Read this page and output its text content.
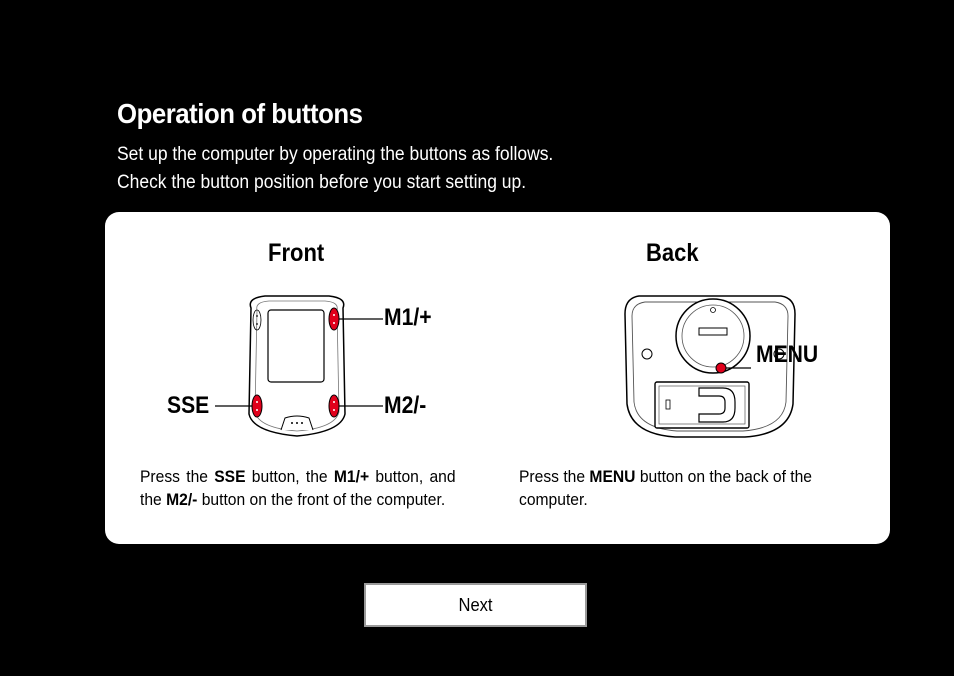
Operation of buttons
Set up the computer by operating the buttons as follows.
Check the button position before you start setting up.
Front
M1/+
M2/-
SSE
Press the SSE button, the M1/+ button, and the M2/- button on the front of the computer.
Back
MENU
Press the MENU button on the back of the computer.
Next
